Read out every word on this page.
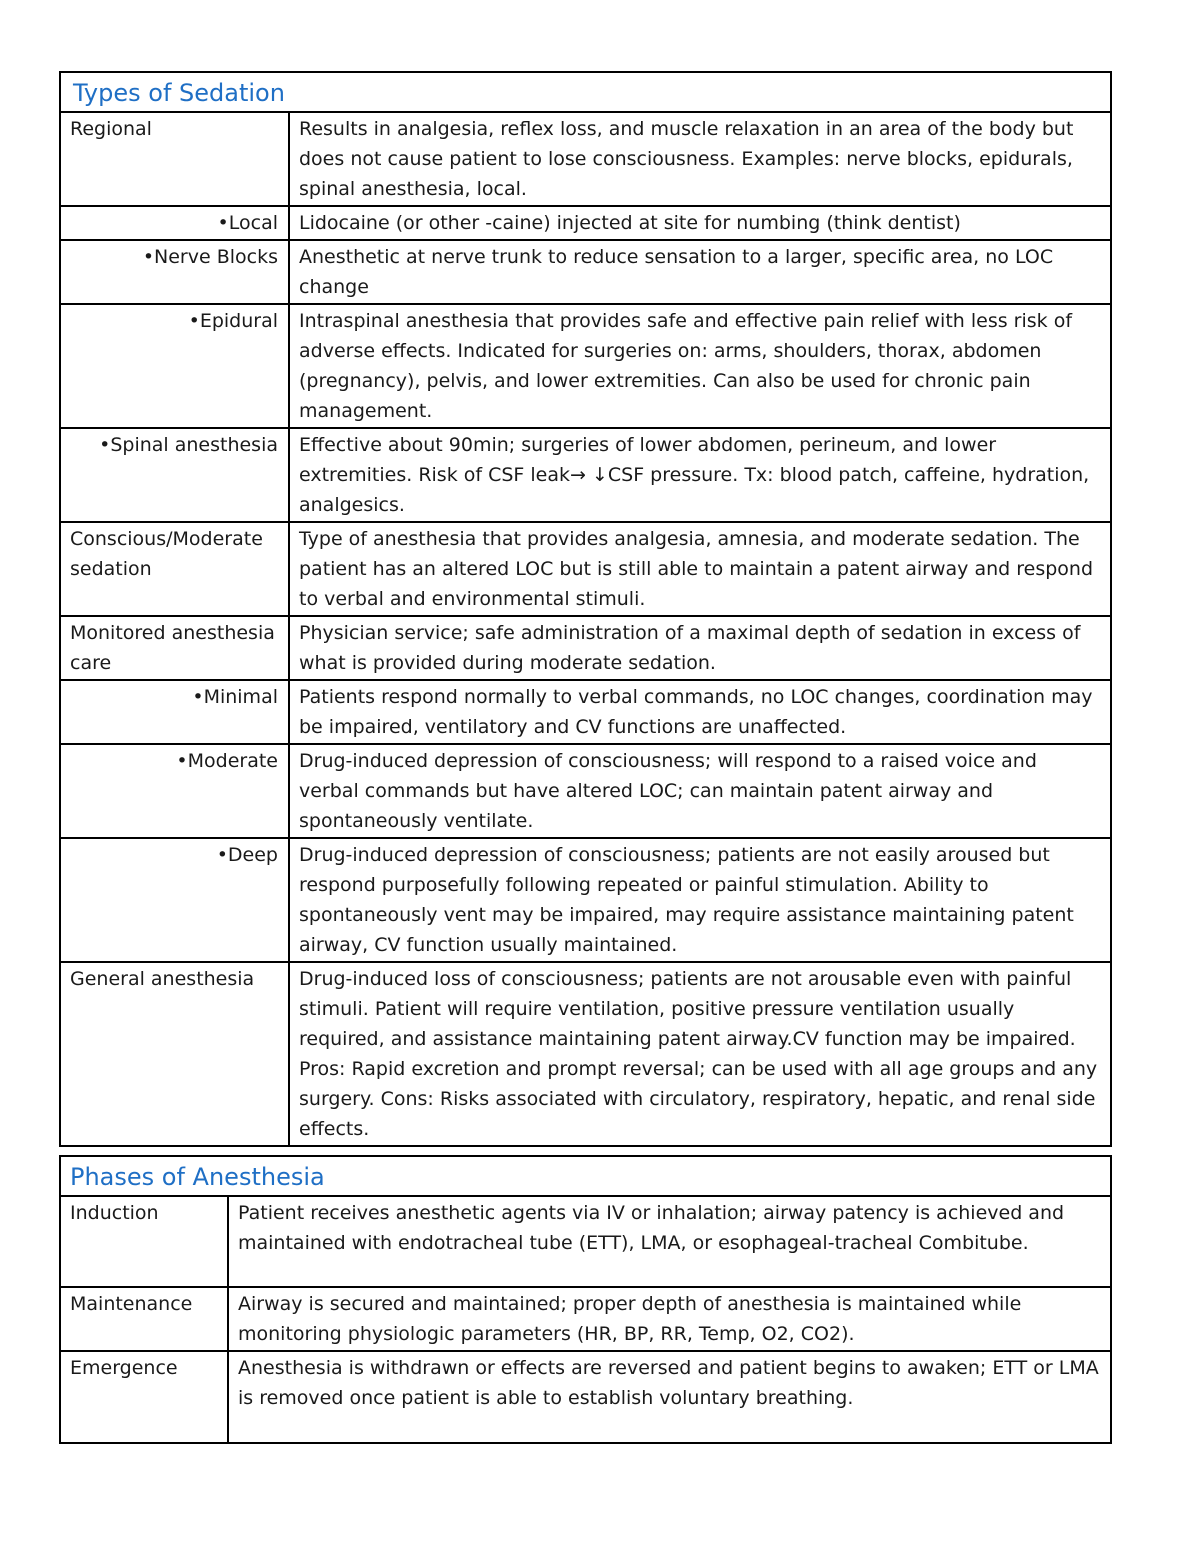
Types of Sedation	
Regional	Results in analgesia, reflex loss, and muscle relaxation in an area of the body but does not cause patient to lose consciousness. Examples: nerve blocks, epidurals, spinal anesthesia, local.
•Local	Lidocaine (or other -caine) injected at site for numbing (think dentist)
•Nerve Blocks	Anesthetic at nerve trunk to reduce sensation to a larger, specific area, no LOC change
•Epidural	Intraspinal anesthesia that provides safe and effective pain relief with less risk of adverse effects. Indicated for surgeries on: arms, shoulders, thorax, abdomen (pregnancy), pelvis, and lower extremities. Can also be used for chronic pain management.
•Spinal anesthesia	Effective about 90min; surgeries of lower abdomen, perineum, and lower extremities. Risk of CSF leak→ ↓CSF pressure. Tx: blood patch, caffeine, hydration, analgesics.
Conscious/Moderate sedation	Type of anesthesia that provides analgesia, amnesia, and moderate sedation. The patient has an altered LOC but is still able to maintain a patent airway and respond to verbal and environmental stimuli.
Monitored anesthesia care	Physician service; safe administration of a maximal depth of sedation in excess of what is provided during moderate sedation.
•Minimal	Patients respond normally to verbal commands, no LOC changes, coordination may be impaired, ventilatory and CV functions are unaffected.
•Moderate	Drug-induced depression of consciousness; will respond to a raised voice and verbal commands but have altered LOC; can maintain patent airway and spontaneously ventilate.
•Deep	Drug-induced depression of consciousness; patients are not easily aroused but respond purposefully following repeated or painful stimulation. Ability to spontaneously vent may be impaired, may require assistance maintaining patent airway, CV function usually maintained.
General anesthesia	Drug-induced loss of consciousness; patients are not arousable even with painful stimuli. Patient will require ventilation, positive pressure ventilation usually required, and assistance maintaining patent airway.CV function may be impaired. Pros: Rapid excretion and prompt reversal; can be used with all age groups and any surgery. Cons: Risks associated with circulatory, respiratory, hepatic, and renal side effects.
Phases of Anesthesia	
Induction	Patient receives anesthetic agents via IV or inhalation; airway patency is achieved and maintained with endotracheal tube (ETT), LMA, or esophageal-tracheal Combitube.
Maintenance	Airway is secured and maintained; proper depth of anesthesia is maintained while monitoring physiologic parameters (HR, BP, RR, Temp, O2, CO2).
Emergence	Anesthesia is withdrawn or effects are reversed and patient begins to awaken; ETT or LMA is removed once patient is able to establish voluntary breathing.
